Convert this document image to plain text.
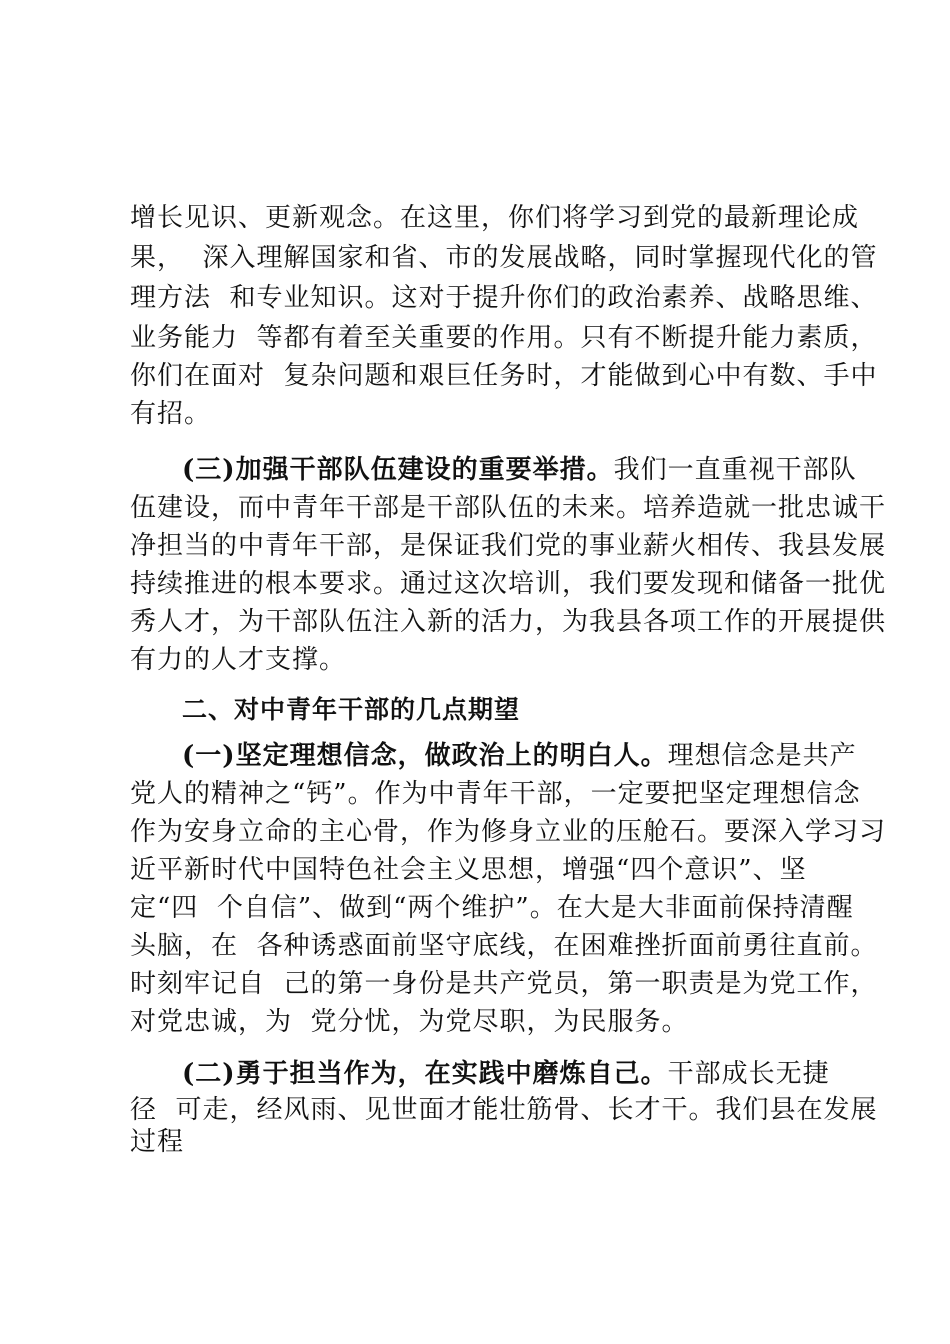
增长见识、更新观念。在这里，你们将学习到党的最新理论成
果，  深入理解国家和省、市的发展战略，同时掌握现代化的管
理方法  和专业知识。这对于提升你们的政治素养、战略思维、
业务能力  等都有着至关重要的作用。只有不断提升能力素质，
你们在面对  复杂问题和艰巨任务时，才能做到心中有数、手中
有招。
(三)加强干部队伍建设的重要举措。我们一直重视干部队
伍建设，而中青年干部是干部队伍的未来。培养造就一批忠诚干
净担当的中青年干部，是保证我们党的事业薪火相传、我县发展
持续推进的根本要求。通过这次培训，我们要发现和储备一批优
秀人才，为干部队伍注入新的活力，为我县各项工作的开展提供
有力的人才支撑。
二、对中青年干部的几点期望
(一)坚定理想信念，做政治上的明白人。理想信念是共产
党人的精神之“钙”。作为中青年干部，一定要把坚定理想信念
作为安身立命的主心骨，作为修身立业的压舱石。要深入学习习
近平新时代中国特色社会主义思想，增强“四个意识”、坚
定“四  个自信”、做到“两个维护”。在大是大非面前保持清醒
头脑，在  各种诱惑面前坚守底线，在困难挫折面前勇往直前。
时刻牢记自  己的第一身份是共产党员，第一职责是为党工作，
对党忠诚，为  党分忧，为党尽职，为民服务。
(二)勇于担当作为，在实践中磨炼自己。干部成长无捷
径  可走，经风雨、见世面才能壮筋骨、长才干。我们县在发展
过程
